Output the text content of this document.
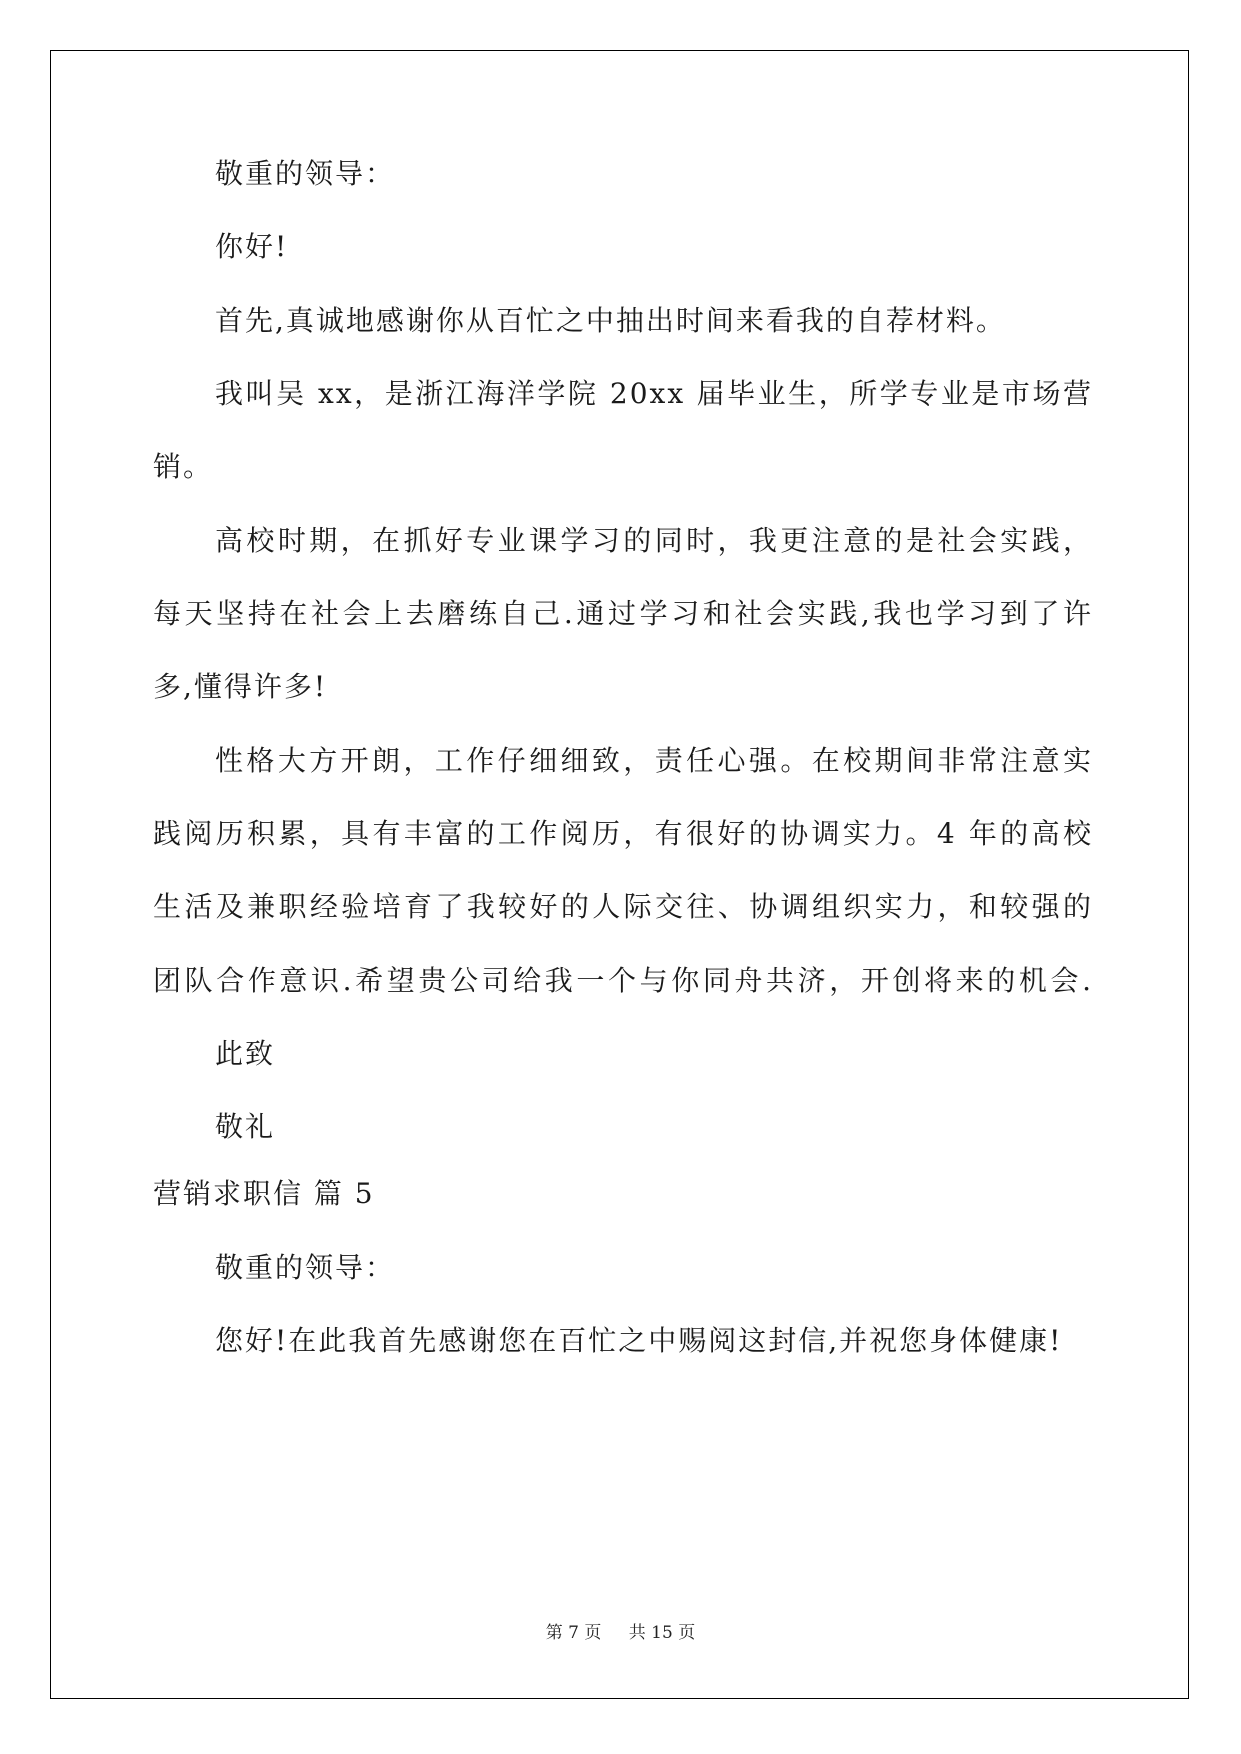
敬重的领导：
你好!
首先,真诚地感谢你从百忙之中抽出时间来看我的自荐材料。
我叫吴 xx，是浙江海洋学院 20xx 届毕业生，所学专业是市场营
销。
高校时期，在抓好专业课学习的同时，我更注意的是社会实践，
每天坚持在社会上去磨练自己.通过学习和社会实践,我也学习到了许
多,懂得许多!
性格大方开朗，工作仔细细致，责任心强。在校期间非常注意实
践阅历积累，具有丰富的工作阅历，有很好的协调实力。4 年的高校
生活及兼职经验培育了我较好的人际交往、协调组织实力，和较强的
团队合作意识.希望贵公司给我一个与你同舟共济，开创将来的机会.
此致
敬礼
营销求职信 篇 5
敬重的领导：
您好!在此我首先感谢您在百忙之中赐阅这封信,并祝您身体健康!
第 7 页 共 15 页
